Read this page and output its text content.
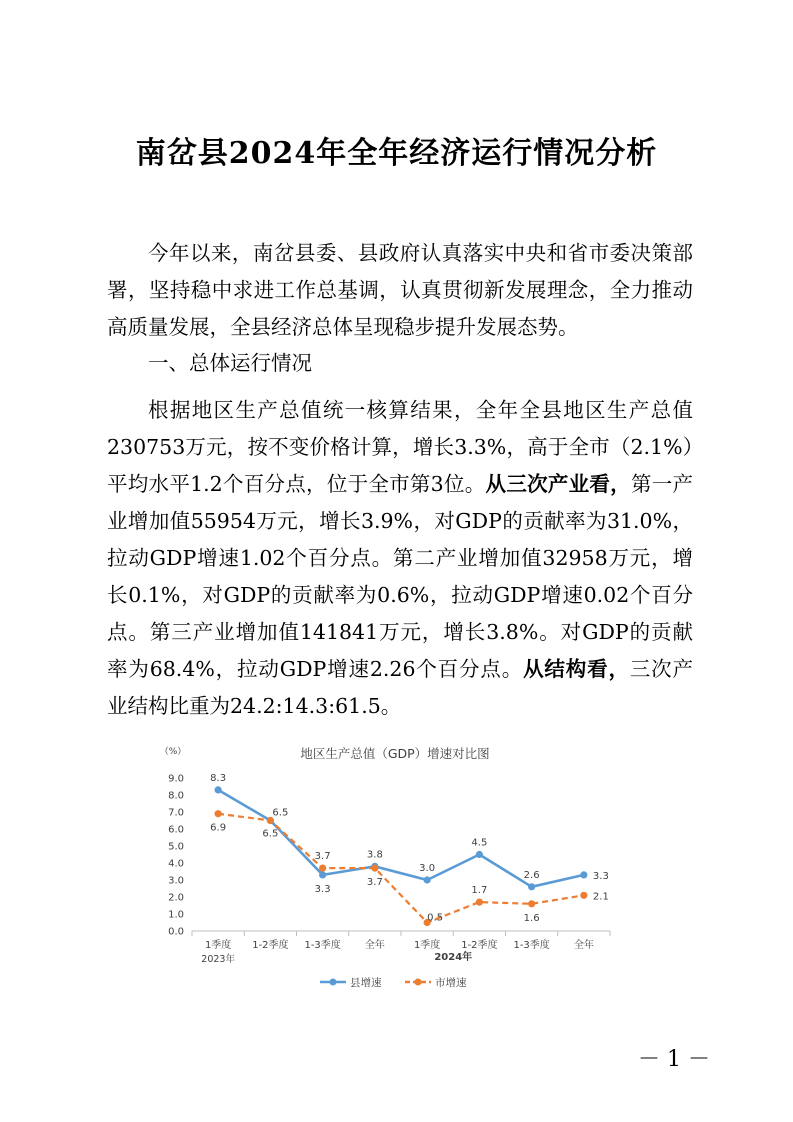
南岔县2024年全年经济运行情况分析
今年以来，南岔县委、县政府认真落实中央和省市委决策部署，坚持稳中求进工作总基调，认真贯彻新发展理念，全力推动高质量发展，全县经济总体呈现稳步提升发展态势。
一、总体运行情况
根据地区生产总值统一核算结果，全年全县地区生产总值230753万元，按不变价格计算，增长3.3%，高于全市（2.1%）平均水平1.2个百分点，位于全市第3位。从三次产业看，第一产业增加值55954万元，增长3.9%，对GDP的贡献率为31.0%，拉动GDP增速1.02个百分点。第二产业增加值32958万元，增长0.1%，对GDP的贡献率为0.6%，拉动GDP增速0.02个百分点。第三产业增加值141841万元，增长3.8%。对GDP的贡献率为68.4%，拉动GDP增速2.26个百分点。从结构看，三次产业结构比重为24.2:14.3:61.5。
地区生产总值（GDP）增速对比图
（%）
0.0
1.0
2.0
3.0
4.0
5.0
6.0
7.0
8.0
9.0
1季度 1-2季度 1-3季度 全年	1季度 1-2季度 1-3季度 全年
2023年	2024年
8.3
6.5
3.3
3.8
3.0
4.5
2.6	3.3
6.9
6.5
3.7
3.7
0.5
1.7
1.6
2.1
县增速	市增速
－ 1 －
